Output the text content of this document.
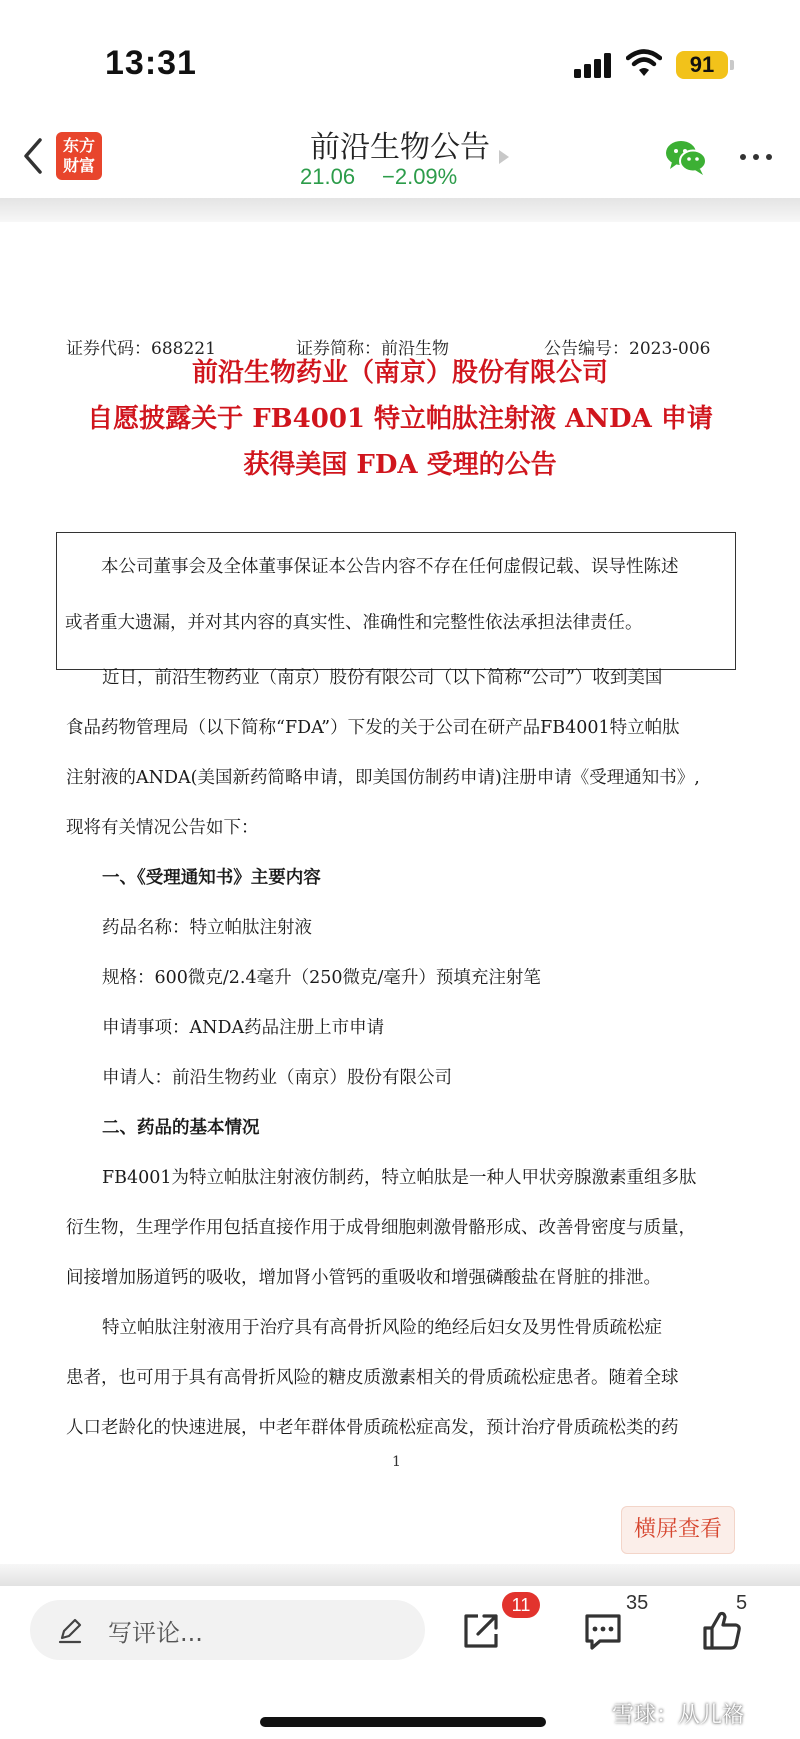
13:31	91
东方
财富
前沿生物公告
21.06 −2.09%
证券代码：688221	证券简称：前沿生物	公告编号：2023-006
前沿生物药业（南京）股份有限公司
自愿披露关于 FB4001 特立帕肽注射液 ANDA 申请
获得美国 FDA 受理的公告
本公司董事会及全体董事保证本公告内容不存在任何虚假记载、误导性陈述
或者重大遗漏，并对其内容的真实性、准确性和完整性依法承担法律责任。
近日，前沿生物药业（南京）股份有限公司（以下简称“公司”）收到美国
食品药物管理局（以下简称“FDA”）下发的关于公司在研产品FB4001特立帕肽
注射液的ANDA(美国新药简略申请，即美国仿制药申请)注册申请《受理通知书》,
现将有关情况公告如下：
一、《受理通知书》主要内容
药品名称：特立帕肽注射液
规格：600微克/2.4毫升（250微克/毫升）预填充注射笔
申请事项：ANDA药品注册上市申请
申请人：前沿生物药业（南京）股份有限公司
二、药品的基本情况
FB4001为特立帕肽注射液仿制药，特立帕肽是一种人甲状旁腺激素重组多肽
衍生物，生理学作用包括直接作用于成骨细胞刺激骨骼形成、改善骨密度与质量，
间接增加肠道钙的吸收，增加肾小管钙的重吸收和增强磷酸盐在肾脏的排泄。
特立帕肽注射液用于治疗具有高骨折风险的绝经后妇女及男性骨质疏松症
患者，也可用于具有高骨折风险的糖皮质激素相关的骨质疏松症患者。随着全球
人口老龄化的快速进展，中老年群体骨质疏松症高发，预计治疗骨质疏松类的药
1
横屏查看
写评论...
11	35	5
雪球：从儿袼
